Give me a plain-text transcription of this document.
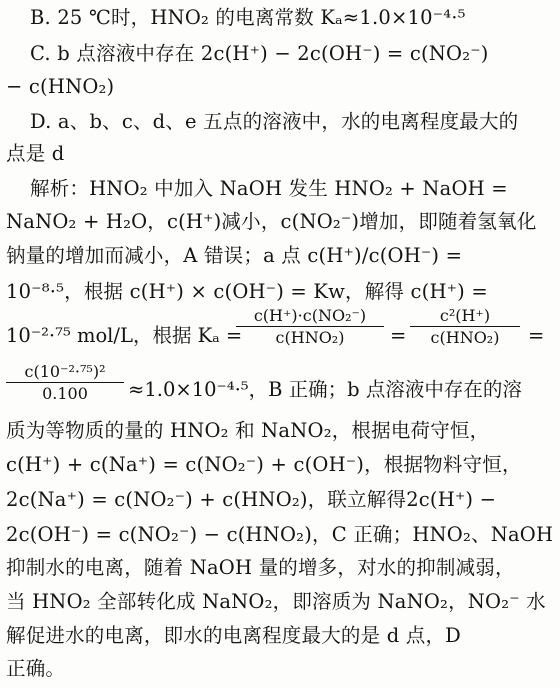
B. 25 ℃时，HNO₂ 的电离常数 Kₐ≈1.0×10⁻⁴·⁵
C. b 点溶液中存在 2c(H⁺) − 2c(OH⁻) = c(NO₂⁻)
− c(HNO₂)
D. a、b、c、d、e 五点的溶液中，水的电离程度最大的
点是 d
解析：HNO₂ 中加入 NaOH 发生 HNO₂ + NaOH =
NaNO₂ + H₂O，c(H⁺)减小，c(NO₂⁻)增加，即随着氢氧化
钠量的增加而减小，A 错误；a 点 c(H⁺)/c(OH⁻) =
10⁻⁸·⁵，根据 c(H⁺) × c(OH⁻) = Kw，解得 c(H⁺) =
10⁻²·⁷⁵ mol/L，根据 Kₐ =
c(H⁺)·c(NO₂⁻)
c(HNO₂)	=
c²(H⁺)
c(HNO₂)	=
c(10⁻²·⁷⁵)²
0.100	≈1.0×10⁻⁴·⁵，B 正确；b 点溶液中存在的溶
质为等物质的量的 HNO₂ 和 NaNO₂，根据电荷守恒，
c(H⁺) + c(Na⁺) = c(NO₂⁻) + c(OH⁻)，根据物料守恒，
2c(Na⁺) = c(NO₂⁻) + c(HNO₂)，联立解得2c(H⁺) −
2c(OH⁻) = c(NO₂⁻) − c(HNO₂)，C 正确；HNO₂、NaOH
抑制水的电离，随着 NaOH 量的增多，对水的抑制减弱，
当 HNO₂ 全部转化成 NaNO₂，即溶质为 NaNO₂，NO₂⁻ 水
解促进水的电离，即水的电离程度最大的是 d 点，D
正确。
